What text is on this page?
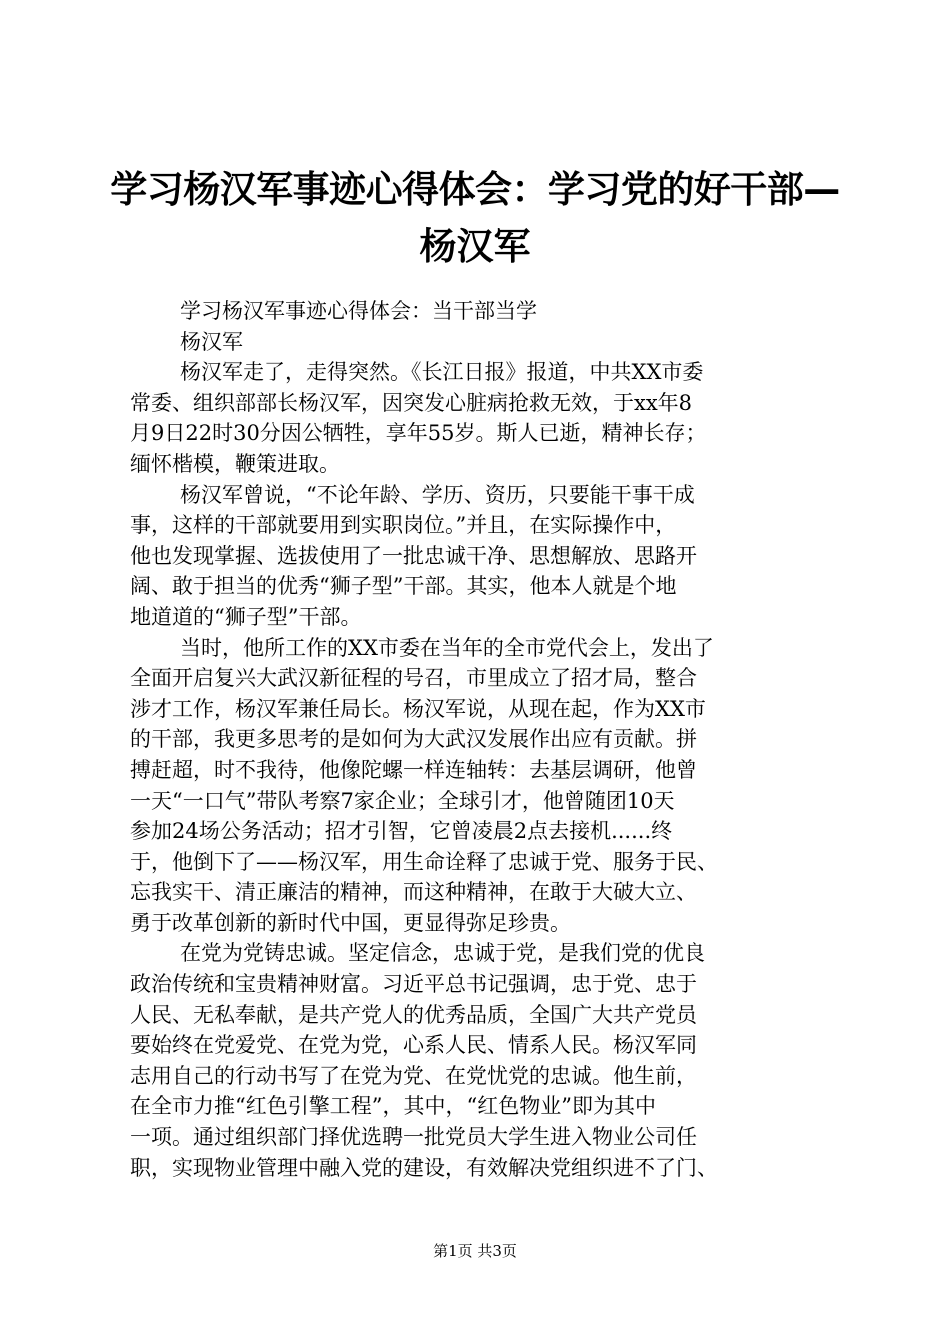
学习杨汉军事迹心得体会：学习党的好干部—
杨汉军
学习杨汉军事迹心得体会：当干部当学
杨汉军
杨汉军走了，走得突然。《长江日报》报道，中共XX市委
常委、组织部部长杨汉军，因突发心脏病抢救无效，于xx年8
月9日22时30分因公牺牲，享年55岁。斯人已逝，精神长存；
缅怀楷模，鞭策进取。
杨汉军曾说，“不论年龄、学历、资历，只要能干事干成
事，这样的干部就要用到实职岗位。”并且，在实际操作中，
他也发现掌握、选拔使用了一批忠诚干净、思想解放、思路开
阔、敢于担当的优秀“狮子型”干部。其实，他本人就是个地
地道道的“狮子型”干部。
当时，他所工作的XX市委在当年的全市党代会上，发出了
全面开启复兴大武汉新征程的号召，市里成立了招才局，整合
涉才工作，杨汉军兼任局长。杨汉军说，从现在起，作为XX市
的干部，我更多思考的是如何为大武汉发展作出应有贡献。拼
搏赶超，时不我待，他像陀螺一样连轴转：去基层调研，他曾
一天“一口气”带队考察7家企业；全球引才，他曾随团10天
参加24场公务活动；招才引智，它曾凌晨2点去接机......终
于，他倒下了——杨汉军，用生命诠释了忠诚于党、服务于民、
忘我实干、清正廉洁的精神，而这种精神，在敢于大破大立、
勇于改革创新的新时代中国，更显得弥足珍贵。
在党为党铸忠诚。坚定信念，忠诚于党，是我们党的优良
政治传统和宝贵精神财富。习近平总书记强调，忠于党、忠于
人民、无私奉献，是共产党人的优秀品质，全国广大共产党员
要始终在党爱党、在党为党，心系人民、情系人民。杨汉军同
志用自己的行动书写了在党为党、在党忧党的忠诚。他生前，
在全市力推“红色引擎工程”，其中，“红色物业”即为其中
一项。通过组织部门择优选聘一批党员大学生进入物业公司任
职，实现物业管理中融入党的建设，有效解决党组织进不了门、
第1页 共3页
